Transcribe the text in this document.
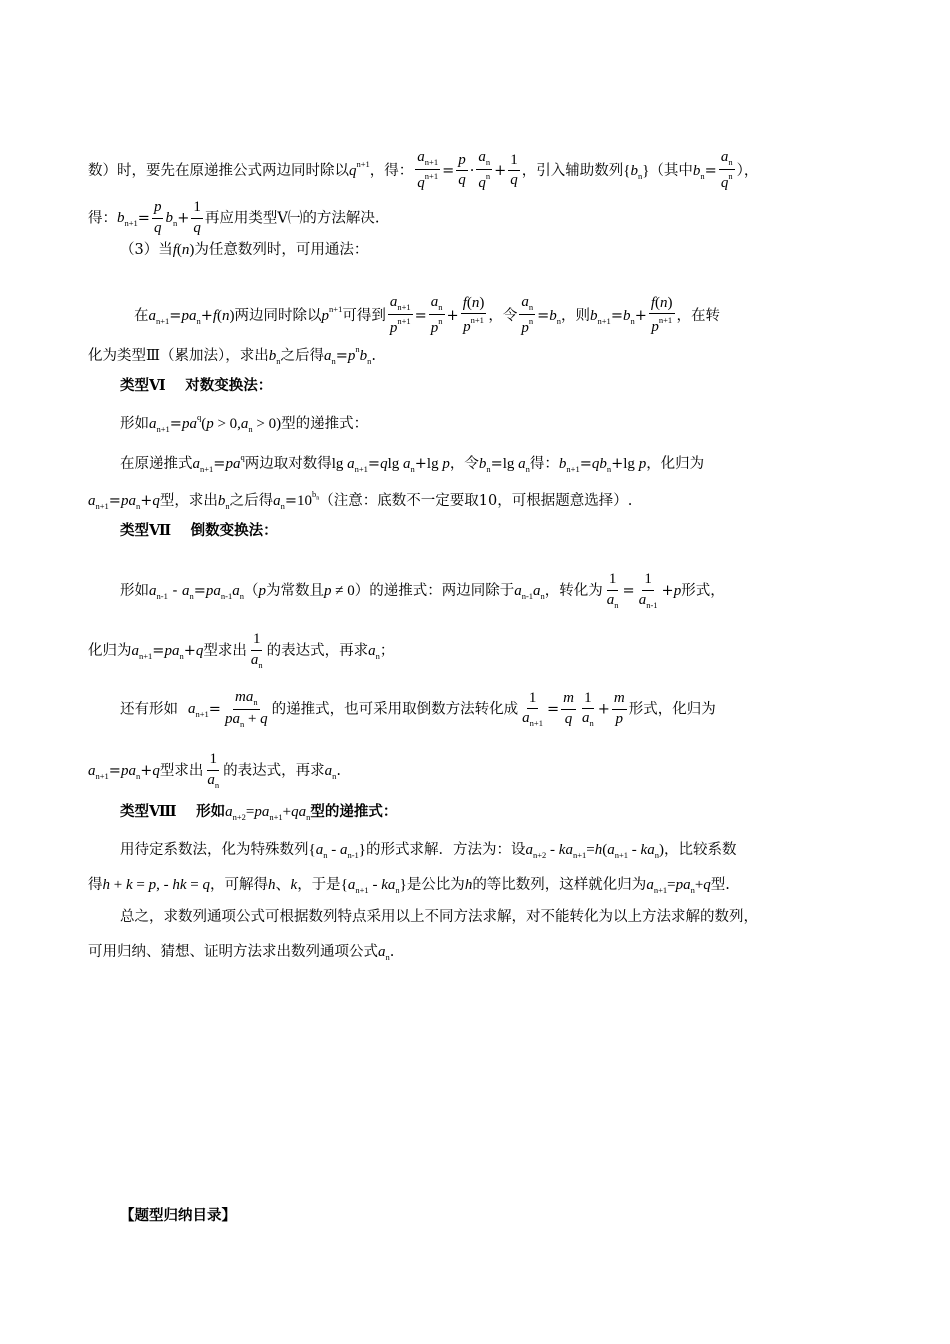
数）时，要先在原递推公式两边同时除以$q^{n+1}$，得： $\frac{a_{n+1}}{q^{n+1}} = \frac{p}{q} \cdot \frac{a_n}{q^n} + \frac{1}{q}$ ，引入辅助数列$\{b_n\}$（其中$b_n= \frac{a_n}{q^n}$ ），
得：$b_{n+1}= \frac{p}{q} b_n+ \frac{1}{q}$ 再应用类型Ⅴ㈠的方法解决.
（3）当f(n)为任意数列时，可用通法：
在$a_{n+1}=pa_n+f(n)$两边同时除以$p^{n+1}$可得到 $\frac{a_{n+1}}{p^{n+1}} = \frac{a_n}{p^n} + \frac{f(n)}{p^{n+1}}$ ，令 $\frac{a_n}{p^n} =b_n$，则$b_{n+1}=b_n+ \frac{f(n)}{p^{n+1}}$ ，在转
化为类型Ⅲ（累加法），求出$b_n$之后得$a_n=p^nb_n$.
类型Ⅵ　 对数变换法：
形如$a_{n+1}=pa^q(p > 0,a_n > 0)$型的递推式：
在原递推式$a_{n+1}=pa^q$两边取对数得$\lg a_{n+1}=qlg$ $a_n+\lg$ p，令$b_n=\lg$ $a_n$得：$b_{n+1}=qb_n+\lg$ p，化归为
$a_{n+1}=pa_n+q$型，求出$b_n$之后得$a_n=10^{b_n}$（注意：底数不一定要取10，可根据题意选择）.
类型Ⅶ　 倒数变换法：
形如$a_{n-1} - a_n=pa_{n-1}a_n(p$为常数且p ≠ 0）的递推式：两边同除于$a_{n-1}a_n$，转化为 $\frac{1}{a_n} = \frac{1}{a_{n-1}} +p$形式，
化归为$a_{n+1}=pa_n+q$型求出 $\frac{1}{a_n}$ 的表达式，再求$a_n$；
还有形如 $a_{n+1}= \frac{ma_n}{pa_n + q}$ 的递推式，也可采用取倒数方法转化成 $\frac{1}{a_{n+1}} = \frac{m}{q} \frac{1}{a_n} + \frac{m}{p}$ 形式，化归为
$a_{n+1}=pa_n+q$型求出 $\frac{1}{a_n}$ 的表达式，再求$a_n$.
类型Ⅷ　 形如$a_{n+2}=pa_{n+1}+qa_n$型的递推式：
用待定系数法，化为特殊数列$\{a_n - a_{n-1}\}$的形式求解．方法为：设$a_{n+2} - ka_{n+1}=h(a_{n+1} - ka_n)$，比较系数
得h + k = p, - hk = q，可解得h、k，于是$\{a_{n+1} - ka_n\}$是公比为h的等比数列，这样就化归为$a_{n+1}=pa_n+q$型.
总之，求数列通项公式可根据数列特点采用以上不同方法求解，对不能转化为以上方法求解的数列，
可用归纳、猜想、证明方法求出数列通项公式$a_n$.
【题型归纳目录】
